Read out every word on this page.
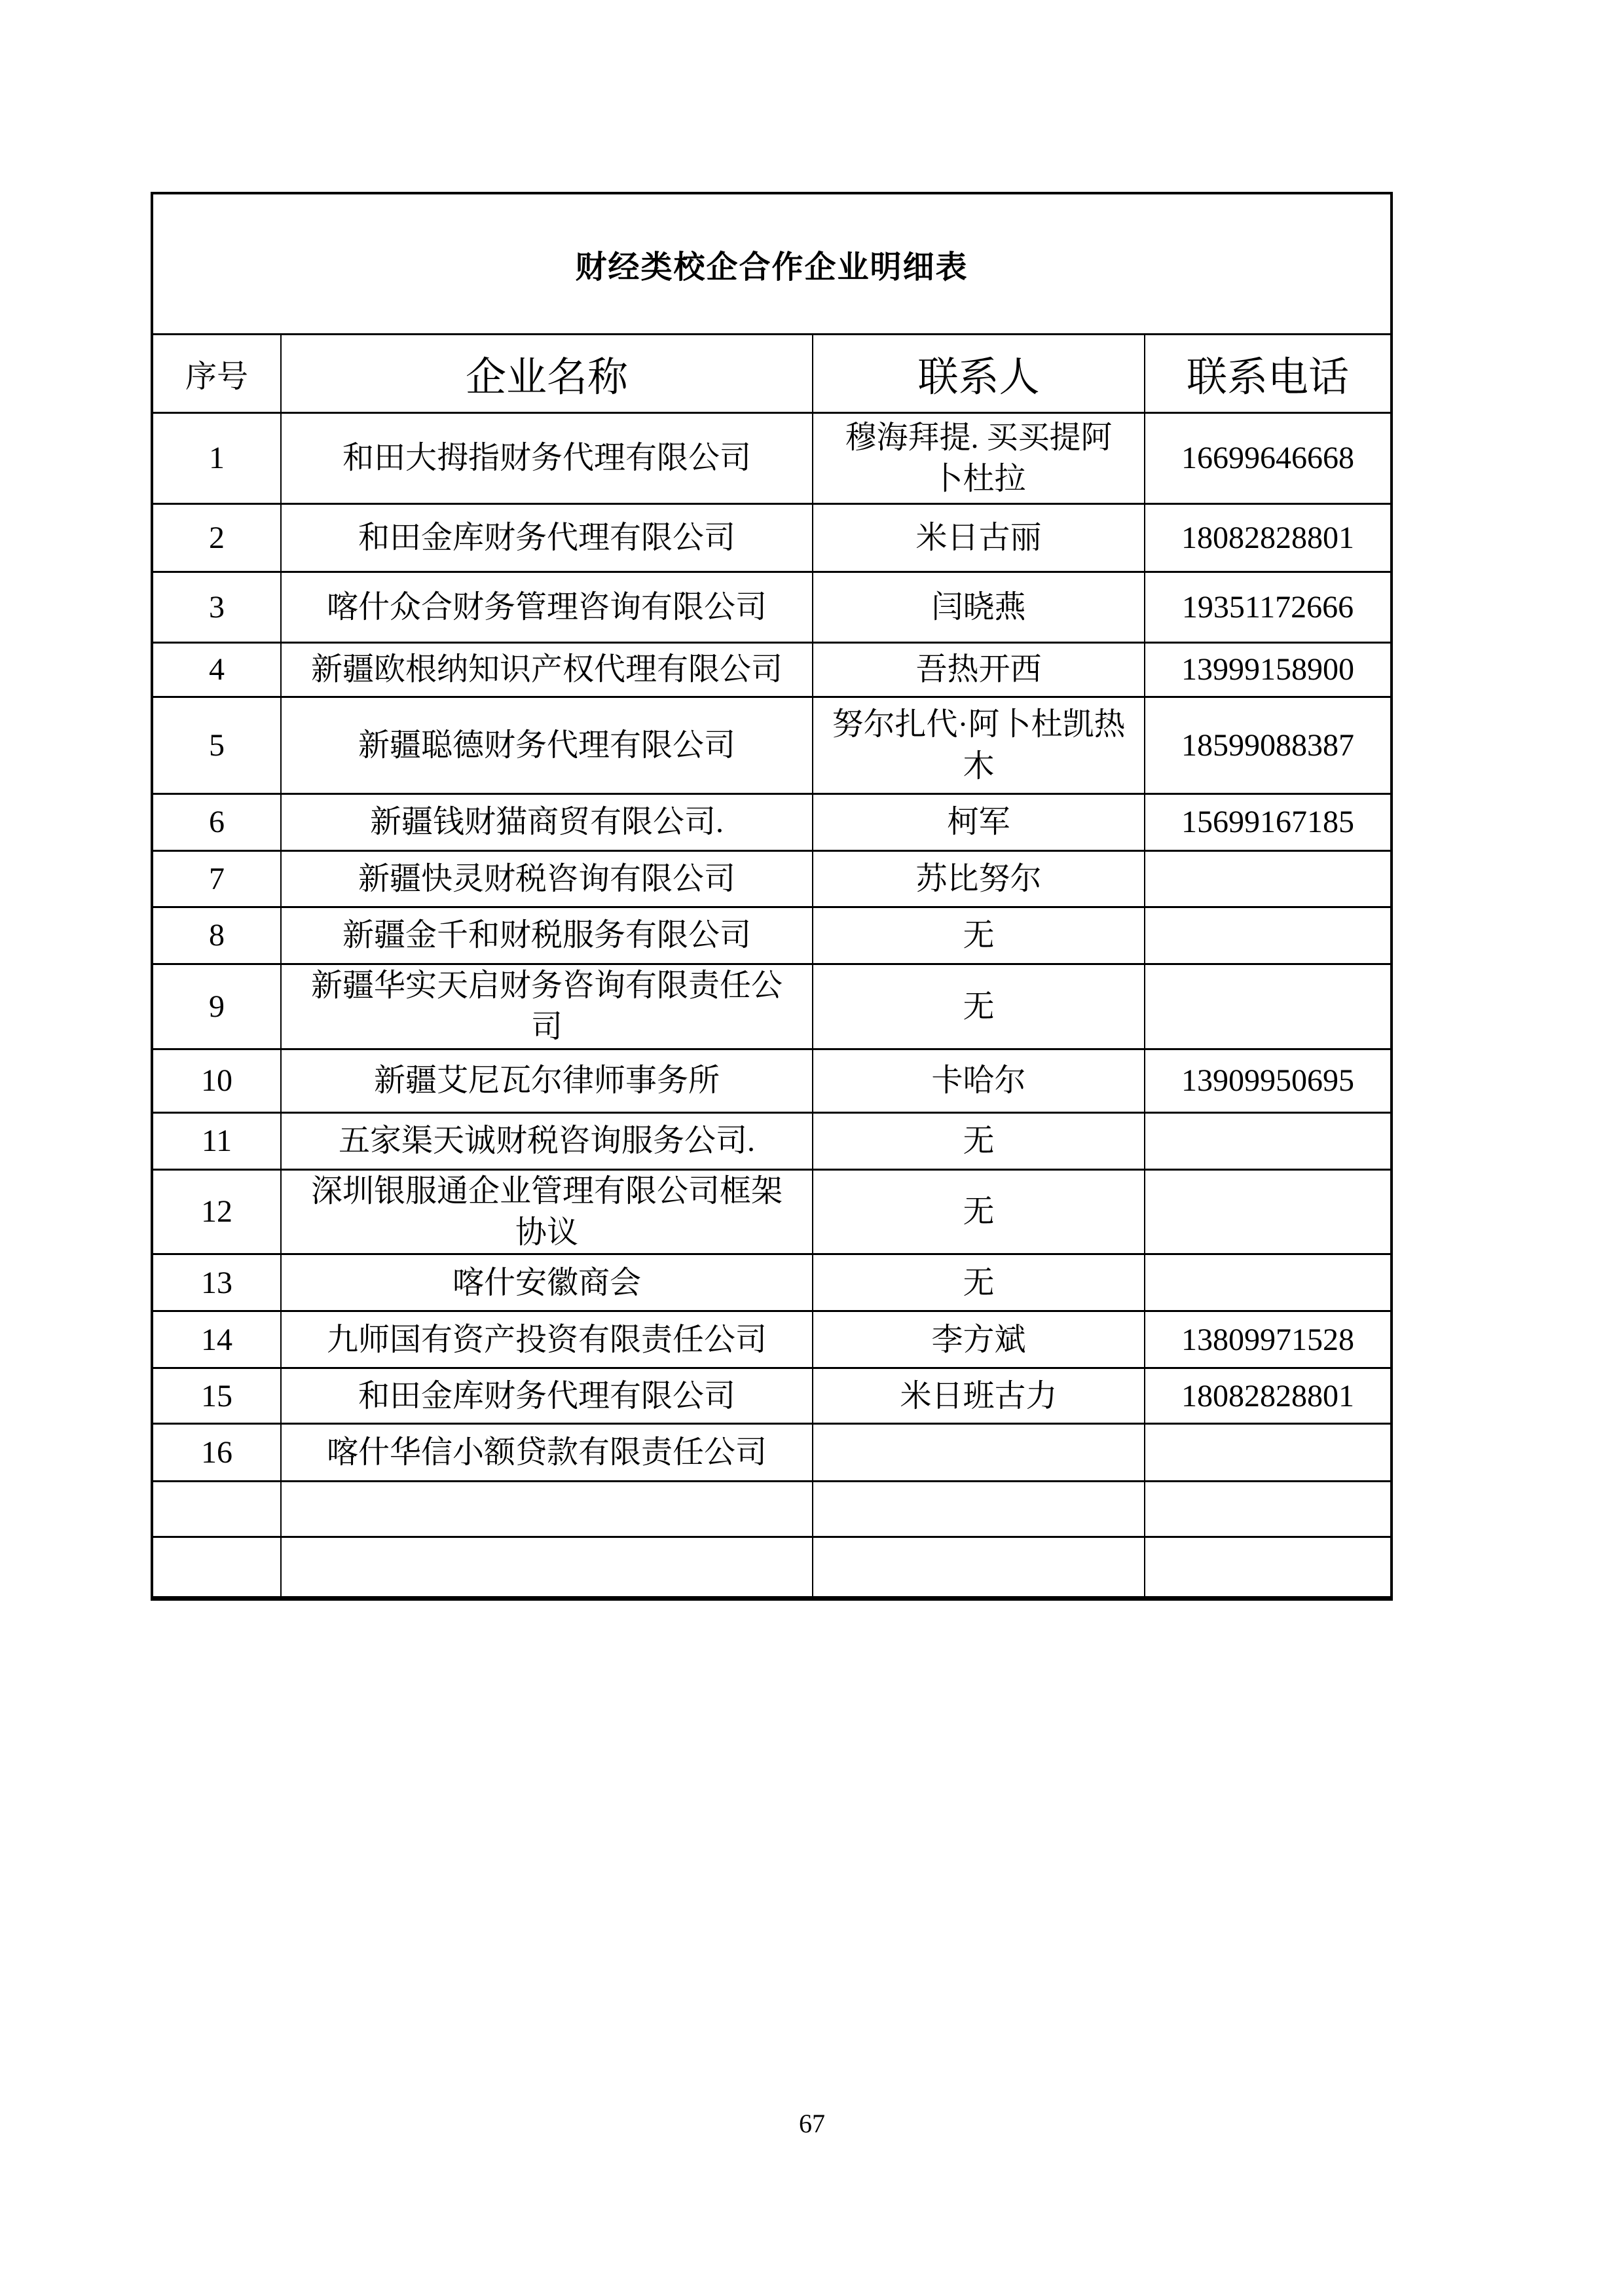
财经类校企合作企业明细表			
序号	企业名称	联系人	联系电话
1	和田大拇指财务代理有限公司	穆海拜提. 买买提阿卜杜拉	16699646668
2	和田金库财务代理有限公司	米日古丽	18082828801
3	喀什众合财务管理咨询有限公司	闫晓燕	19351172666
4	新疆欧根纳知识产权代理有限公司	吾热开西	13999158900
5	新疆聪德财务代理有限公司	努尔扎代·阿卜杜凯热木	18599088387
6	新疆钱财猫商贸有限公司.	柯军	15699167185
7	新疆快灵财税咨询有限公司	苏比努尔	
8	新疆金千和财税服务有限公司	无	
9	新疆华实天启财务咨询有限责任公司	无	
10	新疆艾尼瓦尔律师事务所	卡哈尔	13909950695
11	五家渠天诚财税咨询服务公司.	无	
12	深圳银服通企业管理有限公司框架协议	无	
13	喀什安徽商会	无	
14	九师国有资产投资有限责任公司	李方斌	13809971528
15	和田金库财务代理有限公司	米日班古力	18082828801
16	喀什华信小额贷款有限责任公司		

67
